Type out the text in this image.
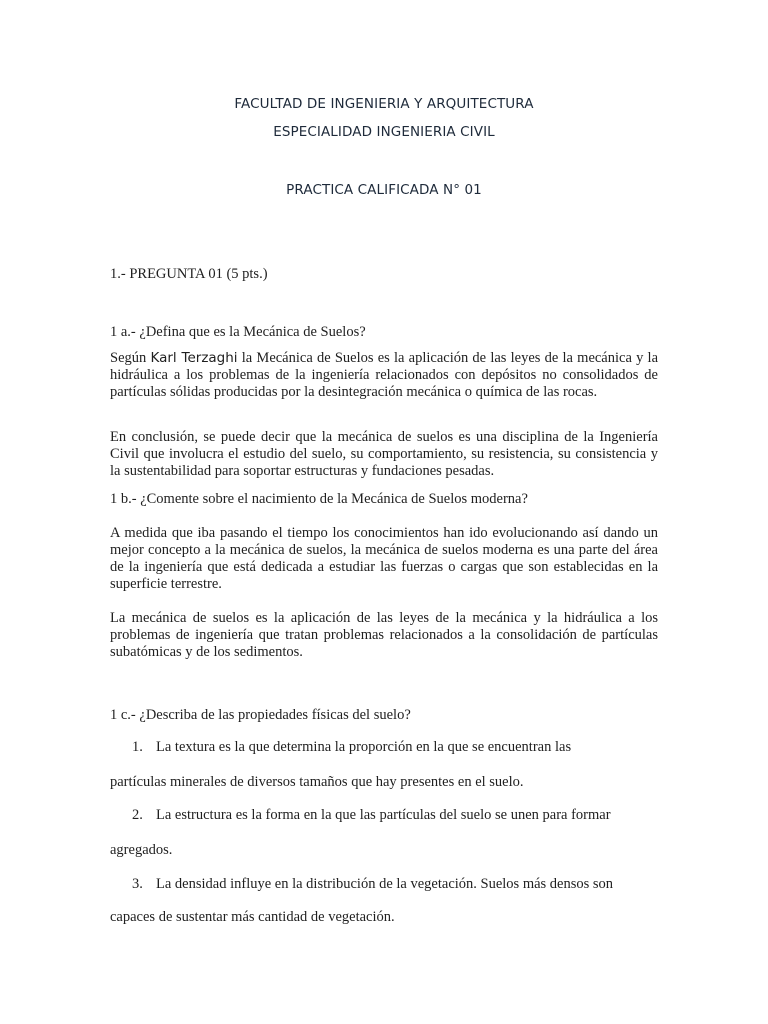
FACULTAD DE INGENIERIA Y ARQUITECTURA
ESPECIALIDAD INGENIERIA CIVIL
PRACTICA CALIFICADA N° 01
1.- PREGUNTA 01 (5 pts.)
1 a.- ¿Defina que es la Mecánica de Suelos?
Según Karl Terzaghi la Mecánica de Suelos es la aplicación de las leyes de la mecánica y la hidráulica a los problemas de la ingeniería relacionados con depósitos no consolidados de partículas sólidas producidas por la desintegración mecánica o química de las rocas.
En conclusión, se puede decir que la mecánica de suelos es una disciplina de la Ingeniería Civil que involucra el estudio del suelo, su comportamiento, su resistencia, su consistencia y la sustentabilidad para soportar estructuras y fundaciones pesadas.
1 b.- ¿Comente sobre el nacimiento de la Mecánica de Suelos moderna?
A medida que iba pasando el tiempo los conocimientos han ido evolucionando así dando un mejor concepto a la mecánica de suelos, la mecánica de suelos moderna es una parte del área de la ingeniería que está dedicada a estudiar las fuerzas o cargas que son establecidas en la superficie terrestre.
La mecánica de suelos es la aplicación de las leyes de la mecánica y la hidráulica a los problemas de ingeniería que tratan problemas relacionados a la consolidación de partículas subatómicas y de los sedimentos.
1 c.- ¿Describa de las propiedades físicas del suelo?
1. La textura es la que determina la proporción en la que se encuentran las
partículas minerales de diversos tamaños que hay presentes en el suelo.
2. La estructura es la forma en la que las partículas del suelo se unen para formar
agregados.
3. La densidad influye en la distribución de la vegetación. Suelos más densos son
capaces de sustentar más cantidad de vegetación.
